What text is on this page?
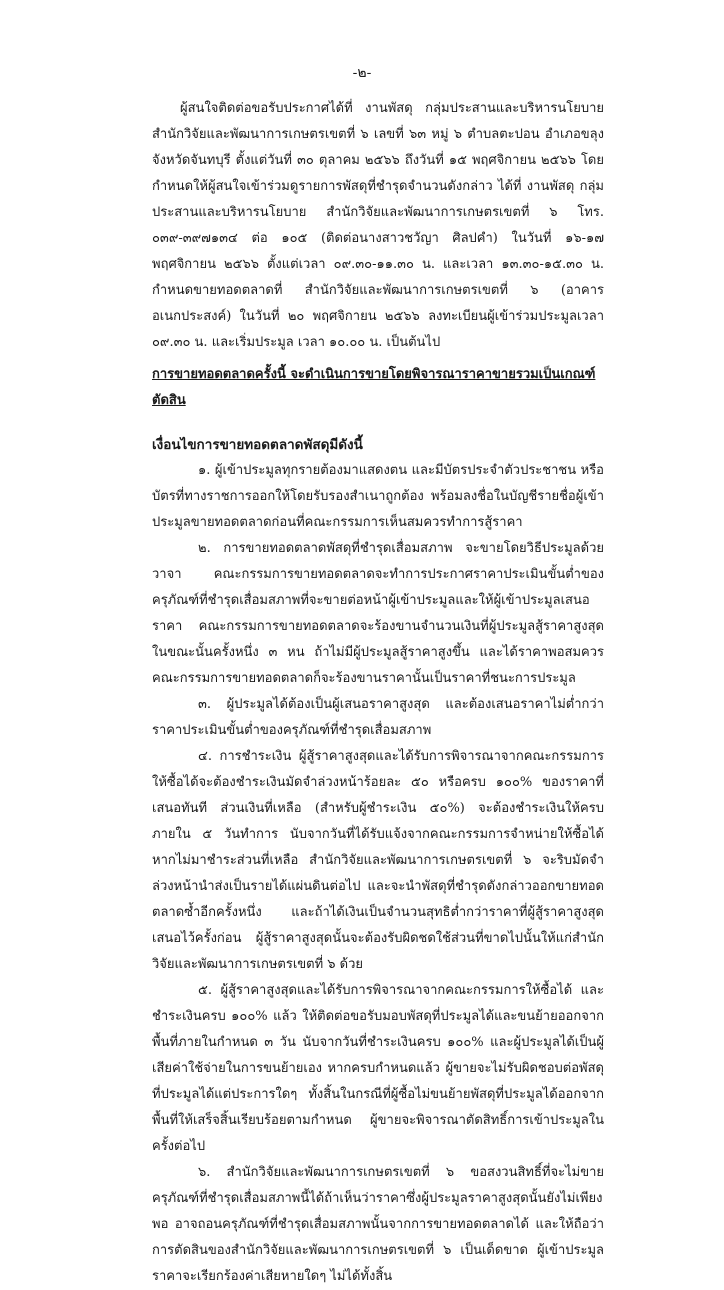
-๒-

ผู้สนใจติดต่อขอรับประกาศได้ที่ งานพัสดุ กลุ่มประสานและบริหารนโยบาย สำนักวิจัยและพัฒนาการเกษตรเขตที่ ๖ เลขที่ ๖๓ หมู่ ๖ ตำบลตะปอน อำเภอขลุง จังหวัดจันทบุรี ตั้งแต่วันที่ ๓๐ ตุลาคม ๒๕๖๖ ถึงวันที่ ๑๕ พฤศจิกายน ๒๕๖๖ โดยกำหนดให้ผู้สนใจเข้าร่วมดูรายการพัสดุที่ชำรุดจำนวนดังกล่าว ได้ที่ งานพัสดุ กลุ่มประสานและบริหารนโยบาย สำนักวิจัยและพัฒนาการเกษตรเขตที่ ๖ โทร. ๐๓๙-๓๙๗๑๓๔ ต่อ ๑๐๕ (ติดต่อนางสาวชวัญา ศิลปคำ) ในวันที่ ๑๖-๑๗ พฤศจิกายน ๒๕๖๖ ตั้งแต่เวลา ๐๙.๓๐-๑๑.๓๐ น. และเวลา ๑๓.๓๐-๑๕.๓๐ น. กำหนดขายทอดตลาดที่ สำนักวิจัยและพัฒนาการเกษตรเขตที่ ๖ (อาคารอเนกประสงค์) ในวันที่ ๒๐ พฤศจิกายน ๒๕๖๖ ลงทะเบียนผู้เข้าร่วมประมูลเวลา ๐๙.๓๐ น. และเริ่มประมูล เวลา ๑๐.๐๐ น. เป็นต้นไป

การขายทอดตลาดครั้งนี้ จะดำเนินการขายโดยพิจารณาราคาขายรวมเป็นเกณฑ์ตัดสิน

เงื่อนไขการขายทอดตลาดพัสดุมีดังนี้

๑. ผู้เข้าประมูลทุกรายต้องมาแสดงตน และมีบัตรประจำตัวประชาชน หรือบัตรที่ทางราชการออกให้โดยรับรองสำเนาถูกต้อง พร้อมลงชื่อในบัญชีรายชื่อผู้เข้าประมูลขายทอดตลาดก่อนที่คณะกรรมการเห็นสมควรทำการสู้ราคา

๒. การขายทอดตลาดพัสดุที่ชำรุดเสื่อมสภาพ จะขายโดยวิธีประมูลด้วยวาจา คณะกรรมการขายทอดตลาดจะทำการประกาศราคาประเมินขั้นต่ำของครุภัณฑ์ที่ชำรุดเสื่อมสภาพที่จะขายต่อหน้าผู้เข้าประมูลและให้ผู้เข้าประมูลเสนอราคา คณะกรรมการขายทอดตลาดจะร้องขานจำนวนเงินที่ผู้ประมูลสู้ราคาสูงสุดในขณะนั้นครั้งหนึ่ง ๓ หน ถ้าไม่มีผู้ประมูลสู้ราคาสูงขึ้น และได้ราคาพอสมควร คณะกรรมการขายทอดตลาดก็จะร้องขานราคานั้นเป็นราคาที่ชนะการประมูล

๓. ผู้ประมูลได้ต้องเป็นผู้เสนอราคาสูงสุด และต้องเสนอราคาไม่ต่ำกว่าราคาประเมินขั้นต่ำของครุภัณฑ์ที่ชำรุดเสื่อมสภาพ

๔. การชำระเงิน ผู้สู้ราคาสูงสุดและได้รับการพิจารณาจากคณะกรรมการให้ซื้อได้จะต้องชำระเงินมัดจำล่วงหน้าร้อยละ ๕๐ หรือครบ ๑๐๐% ของราคาที่เสนอทันที ส่วนเงินที่เหลือ (สำหรับผู้ชำระเงิน ๕๐%) จะต้องชำระเงินให้ครบภายใน ๕ วันทำการ นับจากวันที่ได้รับแจ้งจากคณะกรรมการจำหน่ายให้ซื้อได้ หากไม่มาชำระส่วนที่เหลือ สำนักวิจัยและพัฒนาการเกษตรเขตที่ ๖ จะริบมัดจำล่วงหน้านำส่งเป็นรายได้แผ่นดินต่อไป และจะนำพัสดุที่ชำรุดดังกล่าวออกขายทอดตลาดซ้ำอีกครั้งหนึ่ง และถ้าได้เงินเป็นจำนวนสุทธิต่ำกว่าราคาที่ผู้สู้ราคาสูงสุดเสนอไว้ครั้งก่อน ผู้สู้ราคาสูงสุดนั้นจะต้องรับผิดชดใช้ส่วนที่ขาดไปนั้นให้แก่สำนักวิจัยและพัฒนาการเกษตรเขตที่ ๖ ด้วย

๕. ผู้สู้ราคาสูงสุดและได้รับการพิจารณาจากคณะกรรมการให้ซื้อได้ และชำระเงินครบ ๑๐๐% แล้ว ให้ติดต่อขอรับมอบพัสดุที่ประมูลได้และขนย้ายออกจากพื้นที่ภายในกำหนด ๓ วัน นับจากวันที่ชำระเงินครบ ๑๐๐% และผู้ประมูลได้เป็นผู้เสียค่าใช้จ่ายในการขนย้ายเอง หากครบกำหนดแล้ว ผู้ขายจะไม่รับผิดชอบต่อพัสดุที่ประมูลได้แต่ประการใดๆ ทั้งสิ้นในกรณีที่ผู้ซื้อไม่ขนย้ายพัสดุที่ประมูลได้ออกจากพื้นที่ให้เสร็จสิ้นเรียบร้อยตามกำหนด ผู้ขายจะพิจารณาตัดสิทธิ์การเข้าประมูลในครั้งต่อไป

๖. สำนักวิจัยและพัฒนาการเกษตรเขตที่ ๖ ขอสงวนสิทธิ์ที่จะไม่ขายครุภัณฑ์ที่ชำรุดเสื่อมสภาพนี้ได้ถ้าเห็นว่าราคาซึ่งผู้ประมูลราคาสูงสุดนั้นยังไม่เพียงพอ อาจถอนครุภัณฑ์ที่ชำรุดเสื่อมสภาพนั้นจากการขายทอดตลาดได้ และให้ถือว่าการตัดสินของสำนักวิจัยและพัฒนาการเกษตรเขตที่ ๖ เป็นเด็ดขาด ผู้เข้าประมูลราคาจะเรียกร้องค่าเสียหายใดๆ ไม่ได้ทั้งสิ้น
